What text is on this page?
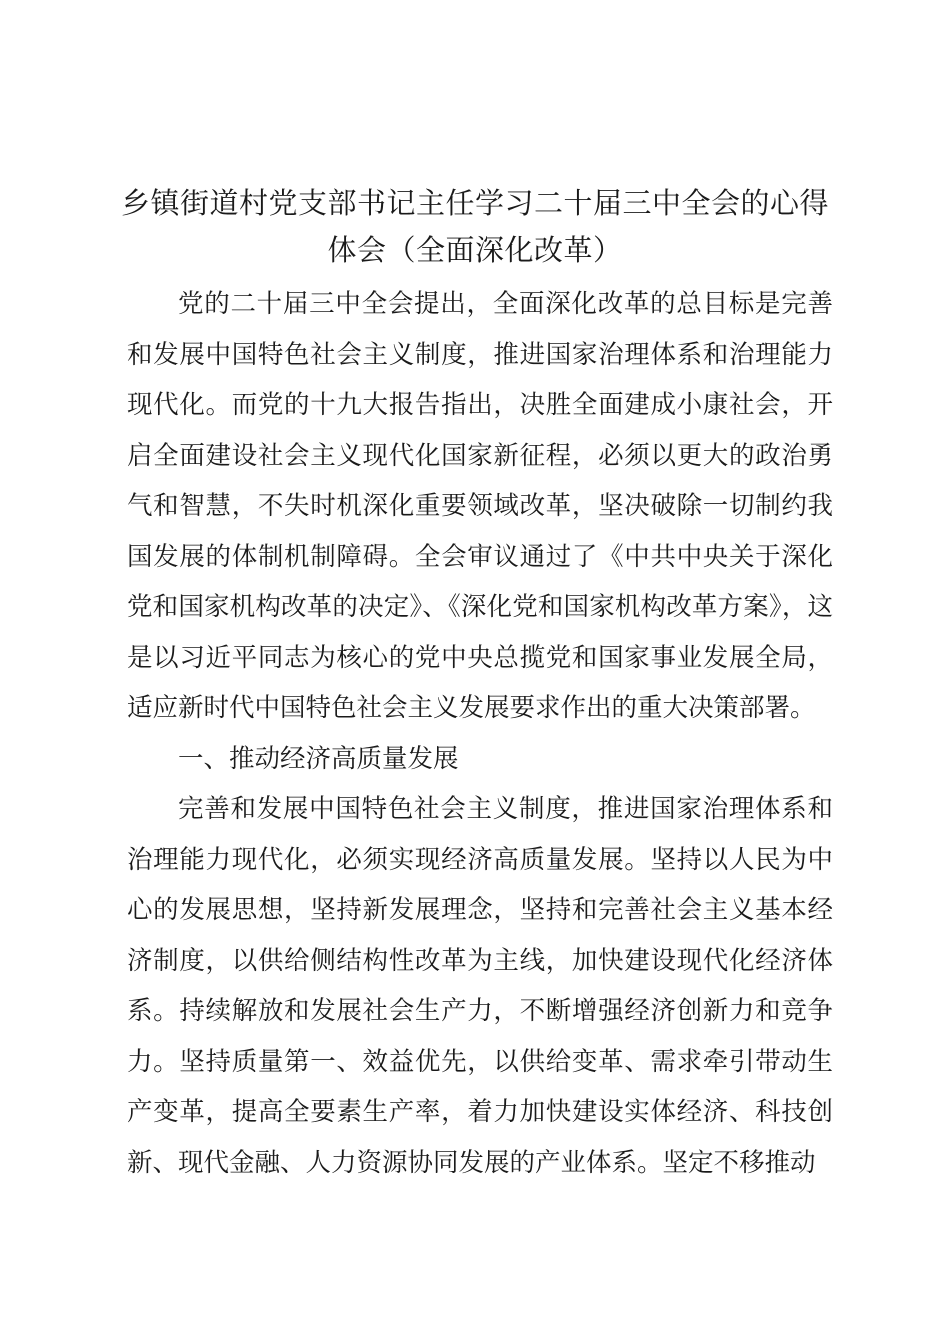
乡镇街道村党支部书记主任学习二十届三中全会的心得
体会（全面深化改革）

党的二十届三中全会提出，全面深化改革的总目标是完善和发展中国特色社会主义制度，推进国家治理体系和治理能力现代化。而党的十九大报告指出，决胜全面建成小康社会，开启全面建设社会主义现代化国家新征程，必须以更大的政治勇气和智慧，不失时机深化重要领域改革，坚决破除一切制约我国发展的体制机制障碍。全会审议通过了《中共中央关于深化党和国家机构改革的决定》、《深化党和国家机构改革方案》，这是以习近平同志为核心的党中央总揽党和国家事业发展全局，适应新时代中国特色社会主义发展要求作出的重大决策部署。

一、推动经济高质量发展

完善和发展中国特色社会主义制度，推进国家治理体系和治理能力现代化，必须实现经济高质量发展。坚持以人民为中心的发展思想，坚持新发展理念，坚持和完善社会主义基本经济制度，以供给侧结构性改革为主线，加快建设现代化经济体系。持续解放和发展社会生产力，不断增强经济创新力和竞争力。坚持质量第一、效益优先，以供给变革、需求牵引带动生产变革，提高全要素生产率，着力加快建设实体经济、科技创新、现代金融、人力资源协同发展的产业体系。坚定不移推动
